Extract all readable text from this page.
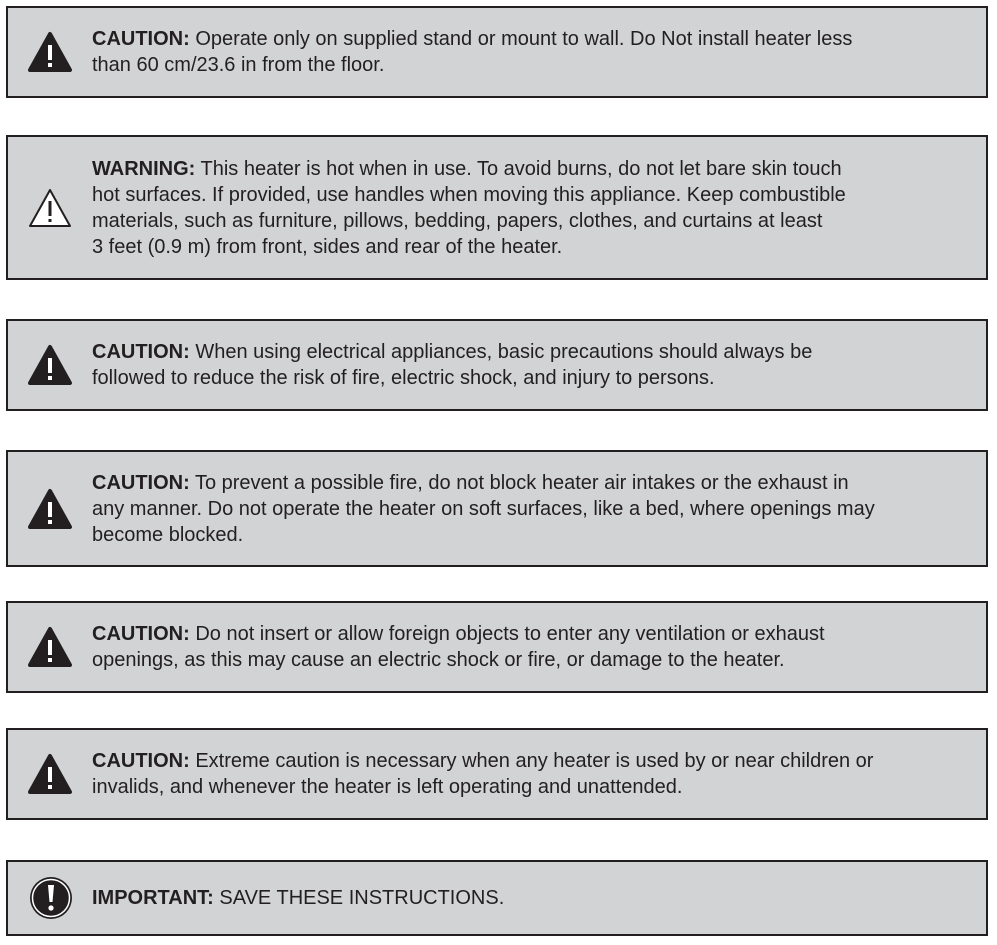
CAUTION: Operate only on supplied stand or mount to wall. Do Not install heater less
than 60 cm/23.6 in from the floor.
WARNING: This heater is hot when in use. To avoid burns, do not let bare skin touch
hot surfaces. If provided, use handles when moving this appliance. Keep combustible
materials, such as furniture, pillows, bedding, papers, clothes, and curtains at least
3 feet (0.9 m) from front, sides and rear of the heater.
CAUTION: When using electrical appliances, basic precautions should always be
followed to reduce the risk of fire, electric shock, and injury to persons.
CAUTION: To prevent a possible fire, do not block heater air intakes or the exhaust in
any manner. Do not operate the heater on soft surfaces, like a bed, where openings may
become blocked.
CAUTION: Do not insert or allow foreign objects to enter any ventilation or exhaust
openings, as this may cause an electric shock or fire, or damage to the heater.
CAUTION: Extreme caution is necessary when any heater is used by or near children or
invalids, and whenever the heater is left operating and unattended.
IMPORTANT: SAVE THESE INSTRUCTIONS.
